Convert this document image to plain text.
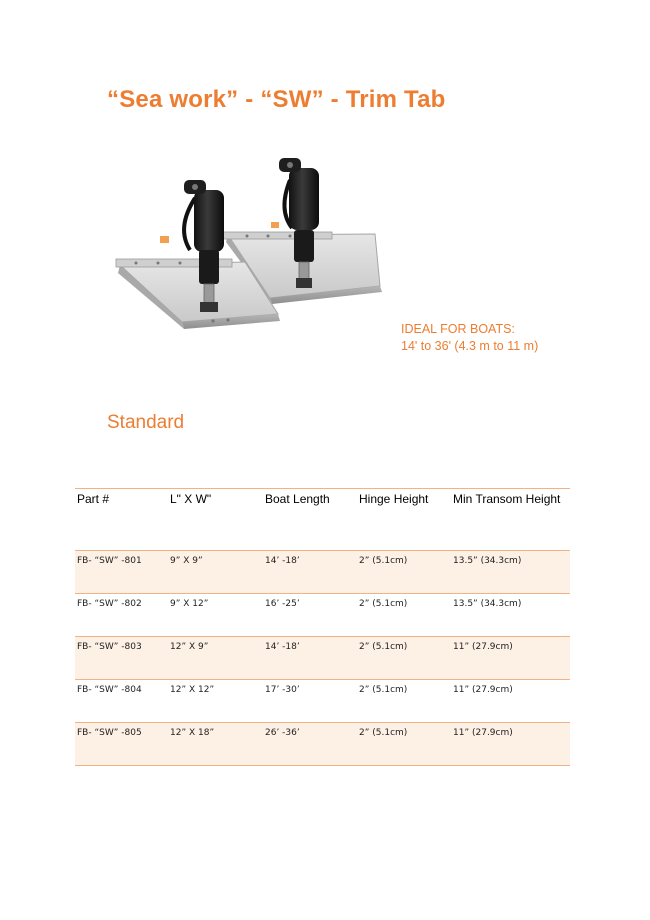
“Sea work” - “SW” - Trim Tab
IDEAL FOR BOATS:
14' to 36' (4.3 m to 11 m)
Standard
Part #	L" X W"	Boat Length	Hinge Height	Min Transom Height
FB- “SW” -801	9” X 9”	14’ -18’	2” (5.1cm)	13.5” (34.3cm)
FB- “SW” -802	9” X 12”	16’ -25’	2” (5.1cm)	13.5” (34.3cm)
FB- “SW” -803	12” X 9”	14’ -18’	2” (5.1cm)	11” (27.9cm)
FB- “SW” -804	12” X 12”	17’ -30’	2” (5.1cm)	11” (27.9cm)
FB- “SW” -805	12” X 18”	26’ -36’	2” (5.1cm)	11” (27.9cm)
